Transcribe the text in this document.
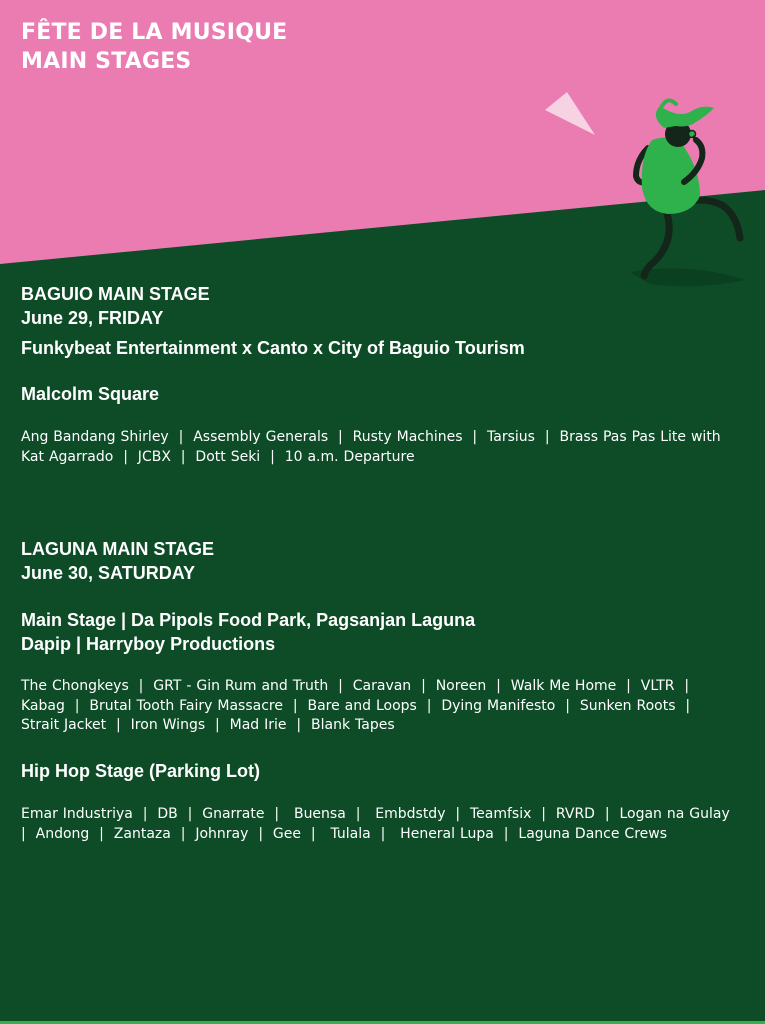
FÊTE DE LA MUSIQUE
MAIN STAGES
BAGUIO MAIN STAGE
June 29, FRIDAY
Funkybeat Entertainment x Canto x City of Baguio Tourism
Malcolm Square

Ang Bandang Shirley  |  Assembly Generals  |  Rusty Machines  |  Tarsius  |  Brass Pas Pas Lite with Kat Agarrado  |  JCBX  |  Dott Seki  |  10 a.m. Departure

LAGUNA MAIN STAGE
June 30, SATURDAY
Main Stage | Da Pipols Food Park, Pagsanjan Laguna
Dapip | Harryboy Productions

The Chongkeys  |  GRT - Gin Rum and Truth  |  Caravan  |  Noreen  |  Walk Me Home  |  VLTR  |  Kabag  |  Brutal Tooth Fairy Massacre  |  Bare and Loops  |  Dying Manifesto  |  Sunken Roots  |  Strait Jacket  |  Iron Wings  |  Mad Irie  |  Blank Tapes

Hip Hop Stage (Parking Lot)

Emar Industriya  |  DB  |  Gnarrate  |   Buensa  |   Embdstdy  |  Teamfsix  |  RVRD  |  Logan na Gulay  |  Andong  |  Zantaza  |  Johnray  |  Gee  |   Tulala  |   Heneral Lupa  |  Laguna Dance Crews
